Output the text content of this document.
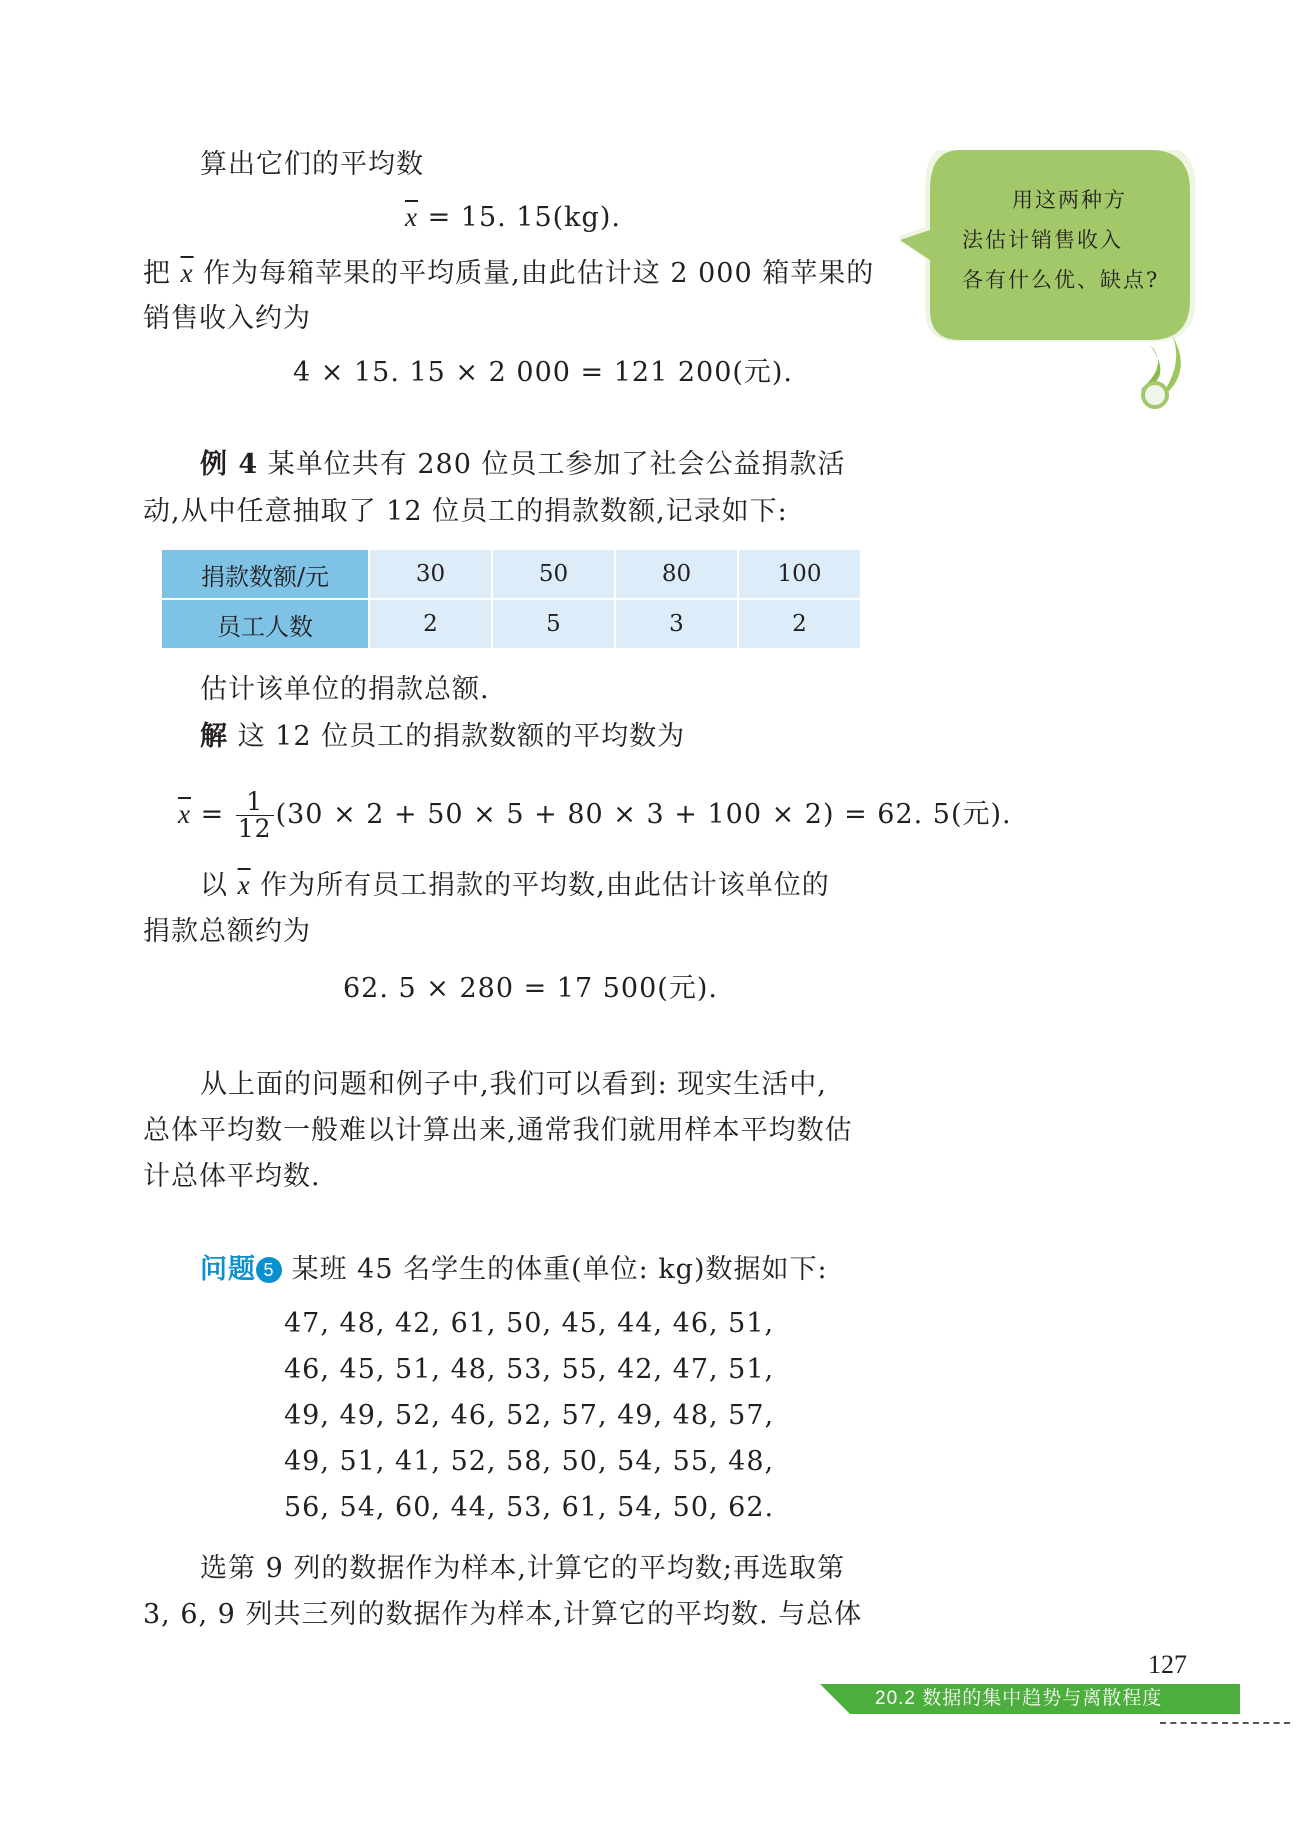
算出它们的平均数
$\overline{x} = 15$. 15(kg).
把 $\overline{x}$ 作为每箱苹果的平均质量,由此估计这 2 000 箱苹果的
销售收入约为
4 × 15. 15 × 2 000 = 121 200(元).
例 4 某单位共有 280 位员工参加了社会公益捐款活
动,从中任意抽取了 12 位员工的捐款数额,记录如下:
捐款数额/元	30	50	80	100
员工人数	2	5	3	2
估计该单位的捐款总额.
解 这 12 位员工的捐款数额的平均数为
$\overline{x} = \frac{1}{12} (30 \times 2 + 50 \times 5 + 80 \times 3 + 100 \times 2) = 62$. 5(元).
以 $\overline{x}$ 作为所有员工捐款的平均数,由此估计该单位的
捐款总额约为
62. 5 × 280 = 17 500(元).
从上面的问题和例子中,我们可以看到: 现实生活中,
总体平均数一般难以计算出来,通常我们就用样本平均数估
计总体平均数.
问题 5 某班 45 名学生的体重(单位: kg)数据如下:
47, 48, 42, 61, 50, 45, 44, 46, 51,
46, 45, 51, 48, 53, 55, 42, 47, 51,
49, 49, 52, 46, 52, 57, 49, 48, 57,
49, 51, 41, 52, 58, 50, 54, 55, 48,
56, 54, 60, 44, 53, 61, 54, 50, 62.
选第 9 列的数据作为样本,计算它的平均数;再选取第
3, 6, 9 列共三列的数据作为样本,计算它的平均数. 与总体
用这两种方
法估计销售收入
各有什么优、缺点?
127
20.2 数据的集中趋势与离散程度
